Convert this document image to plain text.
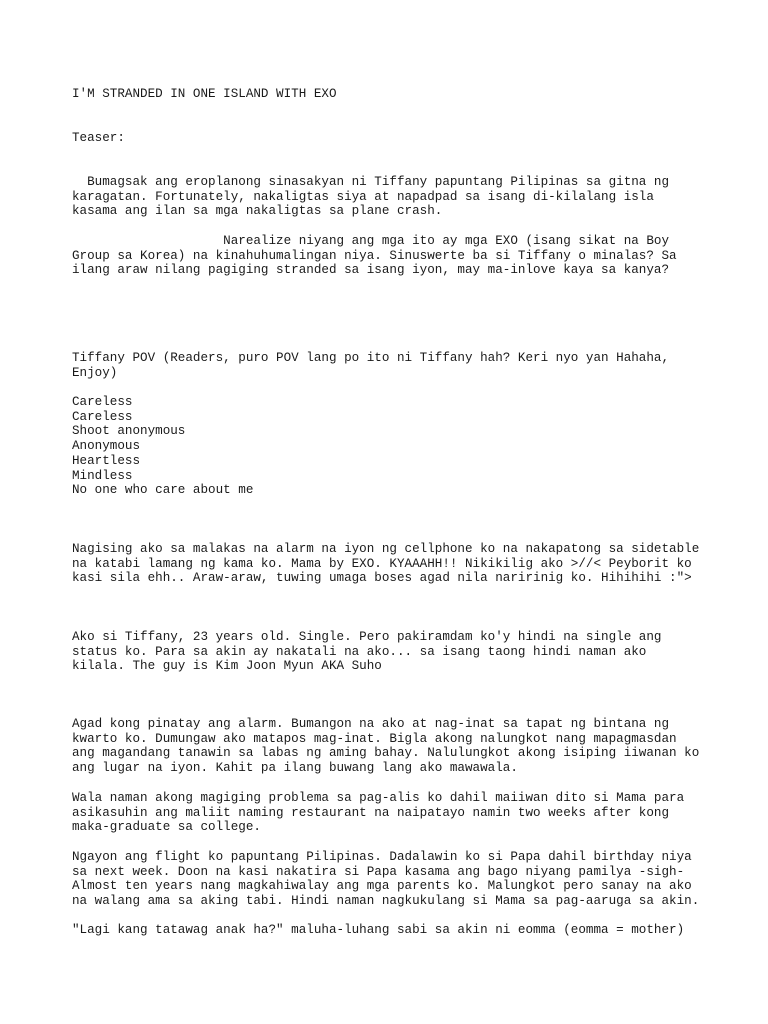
I'M STRANDED IN ONE ISLAND WITH EXO

Teaser:

Bumagsak ang eroplanong sinasakyan ni Tiffany papuntang Pilipinas sa gitna ng
karagatan. Fortunately, nakaligtas siya at napadpad sa isang di-kilalang isla
kasama ang ilan sa mga nakaligtas sa plane crash.

Narealize niyang ang mga ito ay mga EXO (isang sikat na Boy
Group sa Korea) na kinahuhumalingan niya. Sinuswerte ba si Tiffany o minalas? Sa
ilang araw nilang pagiging stranded sa isang iyon, may ma-inlove kaya sa kanya?

Tiffany POV (Readers, puro POV lang po ito ni Tiffany hah? Keri nyo yan Hahaha,
Enjoy)

Careless

Careless

Shoot anonymous

Anonymous

Heartless

Mindless

No one who care about me

Nagising ako sa malakas na alarm na iyon ng cellphone ko na nakapatong sa sidetable
na katabi lamang ng kama ko. Mama by EXO. KYAAAHH!! Nikikilig ako >//< Peyborit ko
kasi sila ehh.. Araw-araw, tuwing umaga boses agad nila naririnig ko. Hihihihi :">

Ako si Tiffany, 23 years old. Single. Pero pakiramdam ko'y hindi na single ang
status ko. Para sa akin ay nakatali na ako... sa isang taong hindi naman ako
kilala. The guy is Kim Joon Myun AKA Suho

Agad kong pinatay ang alarm. Bumangon na ako at nag-inat sa tapat ng bintana ng
kwarto ko. Dumungaw ako matapos mag-inat. Bigla akong nalungkot nang mapagmasdan
ang magandang tanawin sa labas ng aming bahay. Nalulungkot akong isiping iiwanan ko
ang lugar na iyon. Kahit pa ilang buwang lang ako mawawala.

Wala naman akong magiging problema sa pag-alis ko dahil maiiwan dito si Mama para
asikasuhin ang maliit naming restaurant na naipatayo namin two weeks after kong
maka-graduate sa college.

Ngayon ang flight ko papuntang Pilipinas. Dadalawin ko si Papa dahil birthday niya
sa next week. Doon na kasi nakatira si Papa kasama ang bago niyang pamilya -sigh-
Almost ten years nang magkahiwalay ang mga parents ko. Malungkot pero sanay na ako
na walang ama sa aking tabi. Hindi naman nagkukulang si Mama sa pag-aaruga sa akin.

"Lagi kang tatawag anak ha?" maluha-luhang sabi sa akin ni eomma (eomma = mother)
